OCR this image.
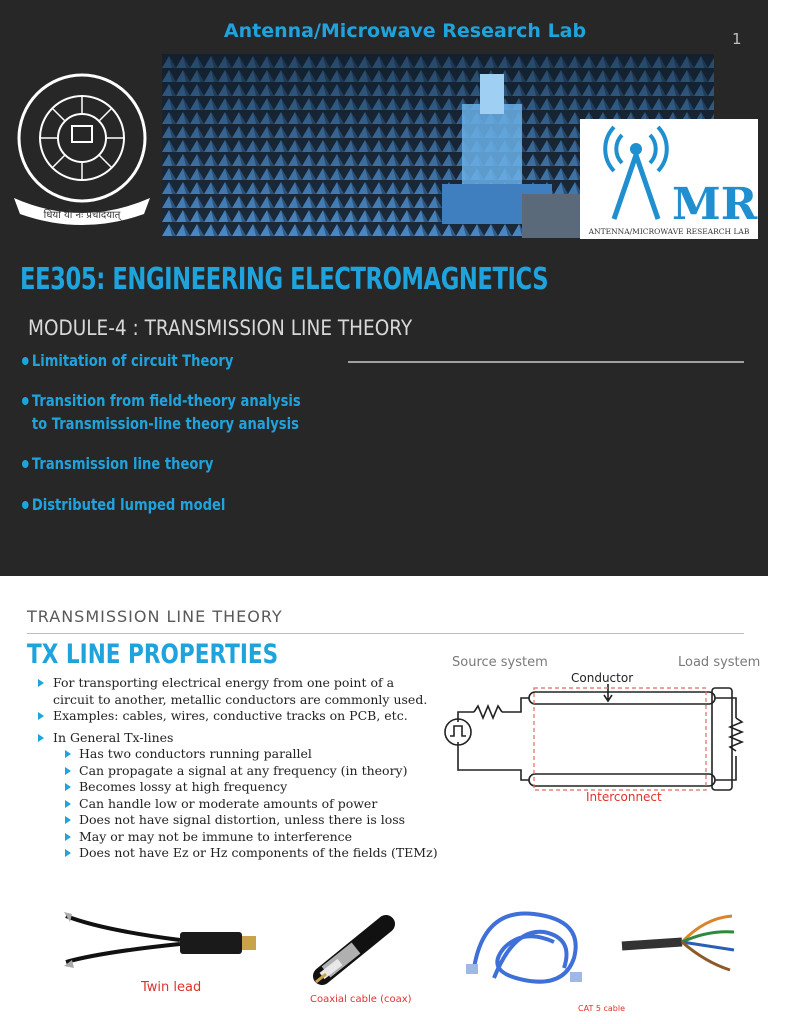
Antenna/Microwave Research Lab	1
धियो यो नः प्रचोदयात्	MR
ANTENNA/MICROWAVE RESEARCH LAB
EE305: ENGINEERING ELECTROMAGNETICS
MODULE-4 : TRANSMISSION LINE THEORY
Limitation of circuit Theory
Transition from field-theory analysis
to Transmission-line theory analysis
Transmission line theory
Distributed lumped model
TRANSMISSION LINE THEORY
TX LINE PROPERTIES
For transporting electrical energy from one point of a circuit to another, metallic conductors are commonly used.
Examples: cables, wires, conductive tracks on PCB, etc.
In General Tx-lines
Has two conductors running parallel
Can propagate a signal at any frequency (in theory)
Becomes lossy at high frequency
Can handle low or moderate amounts of power
Does not have signal distortion, unless there is loss
May or may not be immune to interference
Does not have Ez or Hz components of the fields (TEMz)
Source system	Load system
Conductor
Interconnect
Twin lead
Coaxial cable (coax)
CAT 5 cable
